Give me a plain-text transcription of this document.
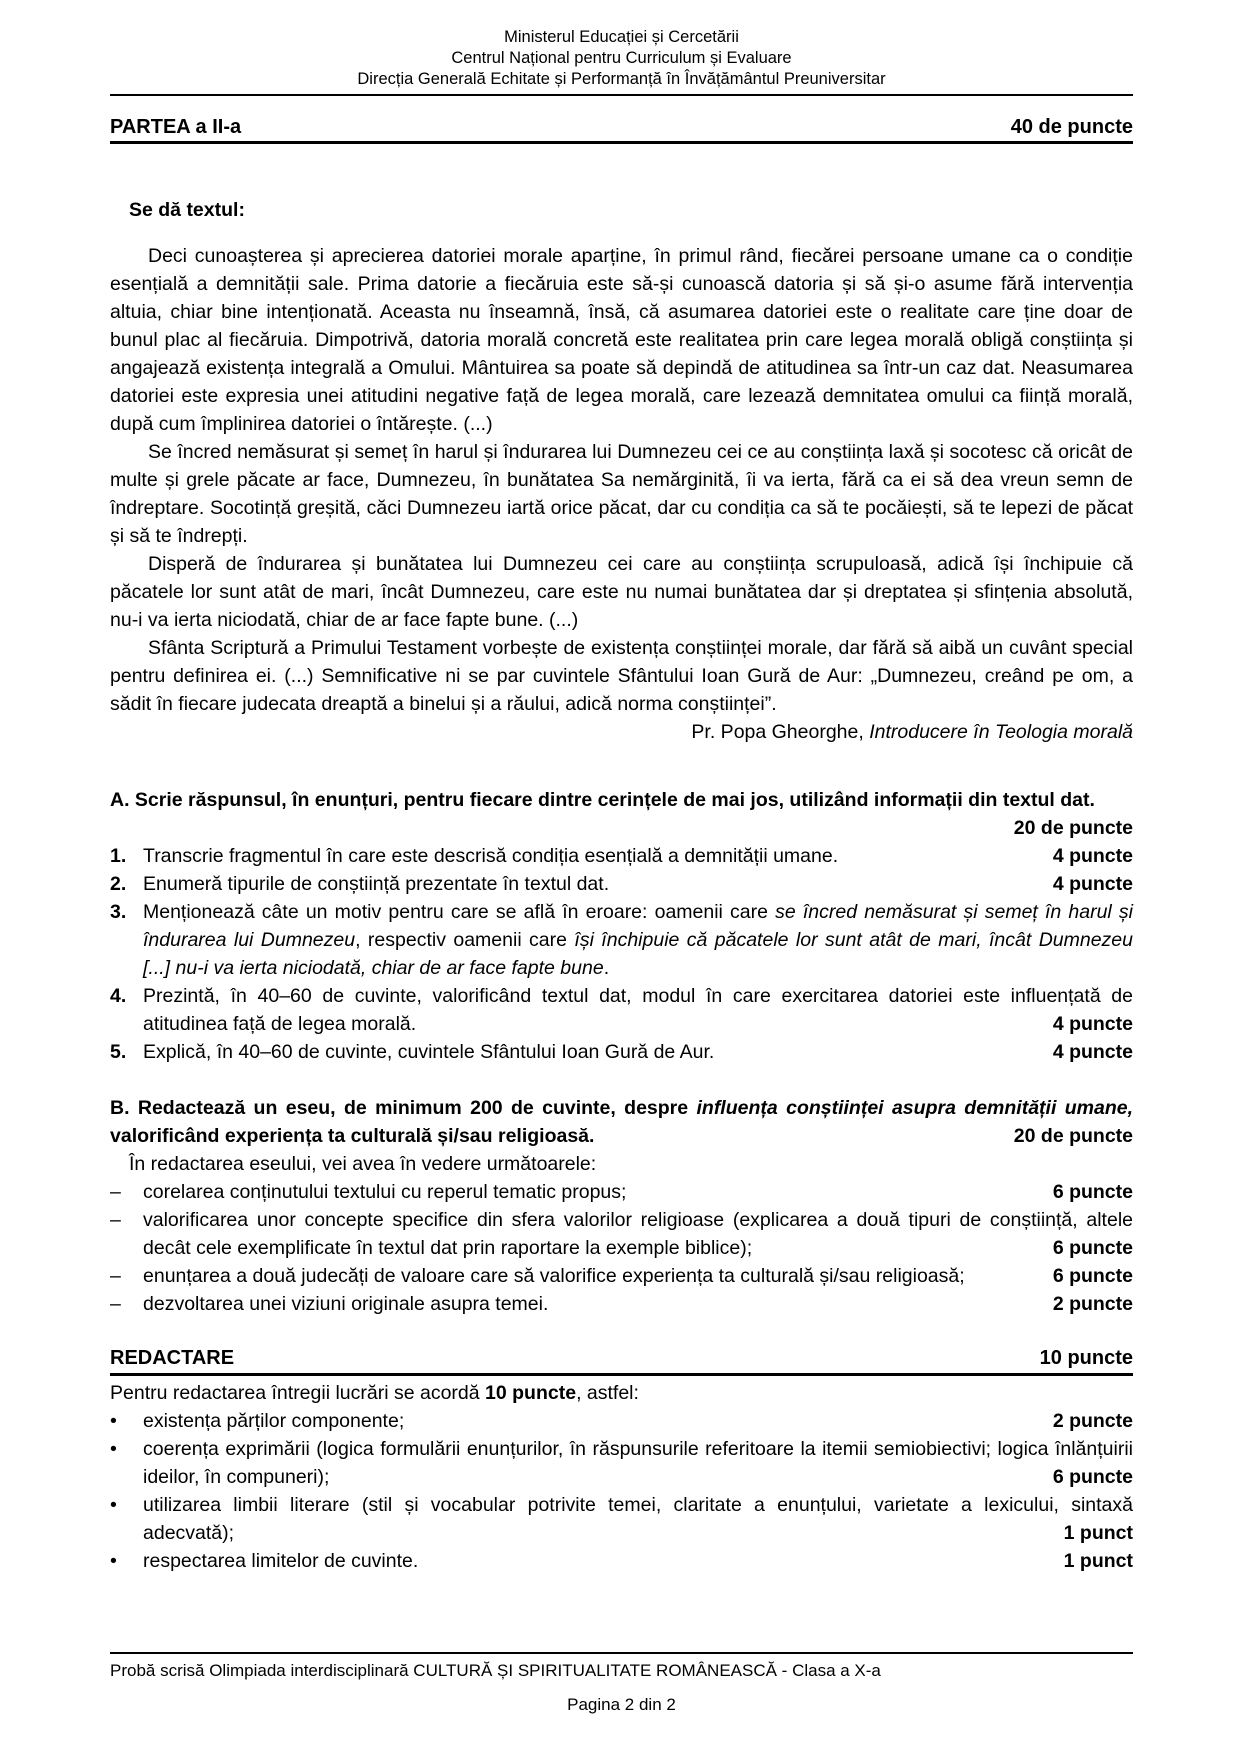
Ministerul Educației și Cercetării
Centrul Național pentru Curriculum și Evaluare
Direcția Generală Echitate și Performanță în Învățământul Preuniversitar
PARTEA a II-a	40 de puncte
Se dă textul:

Deci cunoașterea și aprecierea datoriei morale aparține, în primul rând, fiecărei persoane umane ca o condiție esențială a demnității sale. Prima datorie a fiecăruia este să-și cunoască datoria și să și-o asume fără intervenția altuia, chiar bine intenționată. Aceasta nu înseamnă, însă, că asumarea datoriei este o realitate care ține doar de bunul plac al fiecăruia. Dimpotrivă, datoria morală concretă este realitatea prin care legea morală obligă conștiința și angajează existența integrală a Omului. Mântuirea sa poate să depindă de atitudinea sa într-un caz dat. Neasumarea datoriei este expresia unei atitudini negative față de legea morală, care lezează demnitatea omului ca ființă morală, după cum împlinirea datoriei o întărește. (...)

Se încred nemăsurat și semeț în harul și îndurarea lui Dumnezeu cei ce au conștiința laxă și socotesc că oricât de multe și grele păcate ar face, Dumnezeu, în bunătatea Sa nemărginită, îi va ierta, fără ca ei să dea vreun semn de îndreptare. Socotință greșită, căci Dumnezeu iartă orice păcat, dar cu condiția ca să te pocăiești, să te lepezi de păcat și să te îndrepți.

Disperă de îndurarea și bunătatea lui Dumnezeu cei care au conștiința scrupuloasă, adică își închipuie că păcatele lor sunt atât de mari, încât Dumnezeu, care este nu numai bunătatea dar și dreptatea și sfințenia absolută, nu-i va ierta niciodată, chiar de ar face fapte bune. (...)

Sfânta Scriptură a Primului Testament vorbește de existența conștiinței morale, dar fără să aibă un cuvânt special pentru definirea ei. (...) Semnificative ni se par cuvintele Sfântului Ioan Gură de Aur: „Dumnezeu, creând pe om, a sădit în fiecare judecata dreaptă a binelui și a răului, adică norma conștiinței”.

Pr. Popa Gheorghe, Introducere în Teologia morală
A. Scrie răspunsul, în enunțuri, pentru fiecare dintre cerințele de mai jos, utilizând informații din textul dat.
20 de puncte
1. Transcrie fragmentul în care este descrisă condiția esențială a demnității umane.	4 puncte
2. Enumeră tipurile de conștiință prezentate în textul dat.	4 puncte
3. Menționează câte un motiv pentru care se află în eroare: oamenii care se încred nemăsurat și semeț în harul și îndurarea lui Dumnezeu, respectiv oamenii care își închipuie că păcatele lor sunt atât de mari, încât Dumnezeu [...] nu-i va ierta niciodată, chiar de ar face fapte bune.
4. Prezintă, în 40–60 de cuvinte, valorificând textul dat, modul în care exercitarea datoriei este influențată de atitudinea față de legea morală.	4 puncte
5. Explică, în 40–60 de cuvinte, cuvintele Sfântului Ioan Gură de Aur.	4 puncte
B. Redactează un eseu, de minimum 200 de cuvinte, despre influența conștiinței asupra demnității umane, valorificând experiența ta culturală și/sau religioasă.	20 de puncte
În redactarea eseului, vei avea în vedere următoarele:
–	corelarea conținutului textului cu reperul tematic propus;	6 puncte
–	valorificarea unor concepte specifice din sfera valorilor religioase (explicarea a două tipuri de conștiință, altele decât cele exemplificate în textul dat prin raportare la exemple biblice);	6 puncte
–	enunțarea a două judecăți de valoare care să valorifice experiența ta culturală și/sau religioasă;	6 puncte
–	dezvoltarea unei viziuni originale asupra temei.	2 puncte
REDACTARE	10 puncte
Pentru redactarea întregii lucrări se acordă 10 puncte, astfel:
•	existența părților componente;	2 puncte
•	coerența exprimării (logica formulării enunțurilor, în răspunsurile referitoare la itemii semiobiectivi; logica înlănțuirii ideilor, în compuneri);	6 puncte
•	utilizarea limbii literare (stil și vocabular potrivite temei, claritate a enunțului, varietate a lexicului, sintaxă adecvată);	1 punct
•	respectarea limitelor de cuvinte.	1 punct
Probă scrisă Olimpiada interdisciplinară CULTURĂ ȘI SPIRITUALITATE ROMÂNEASCĂ - Clasa a X-a
Pagina 2 din 2
